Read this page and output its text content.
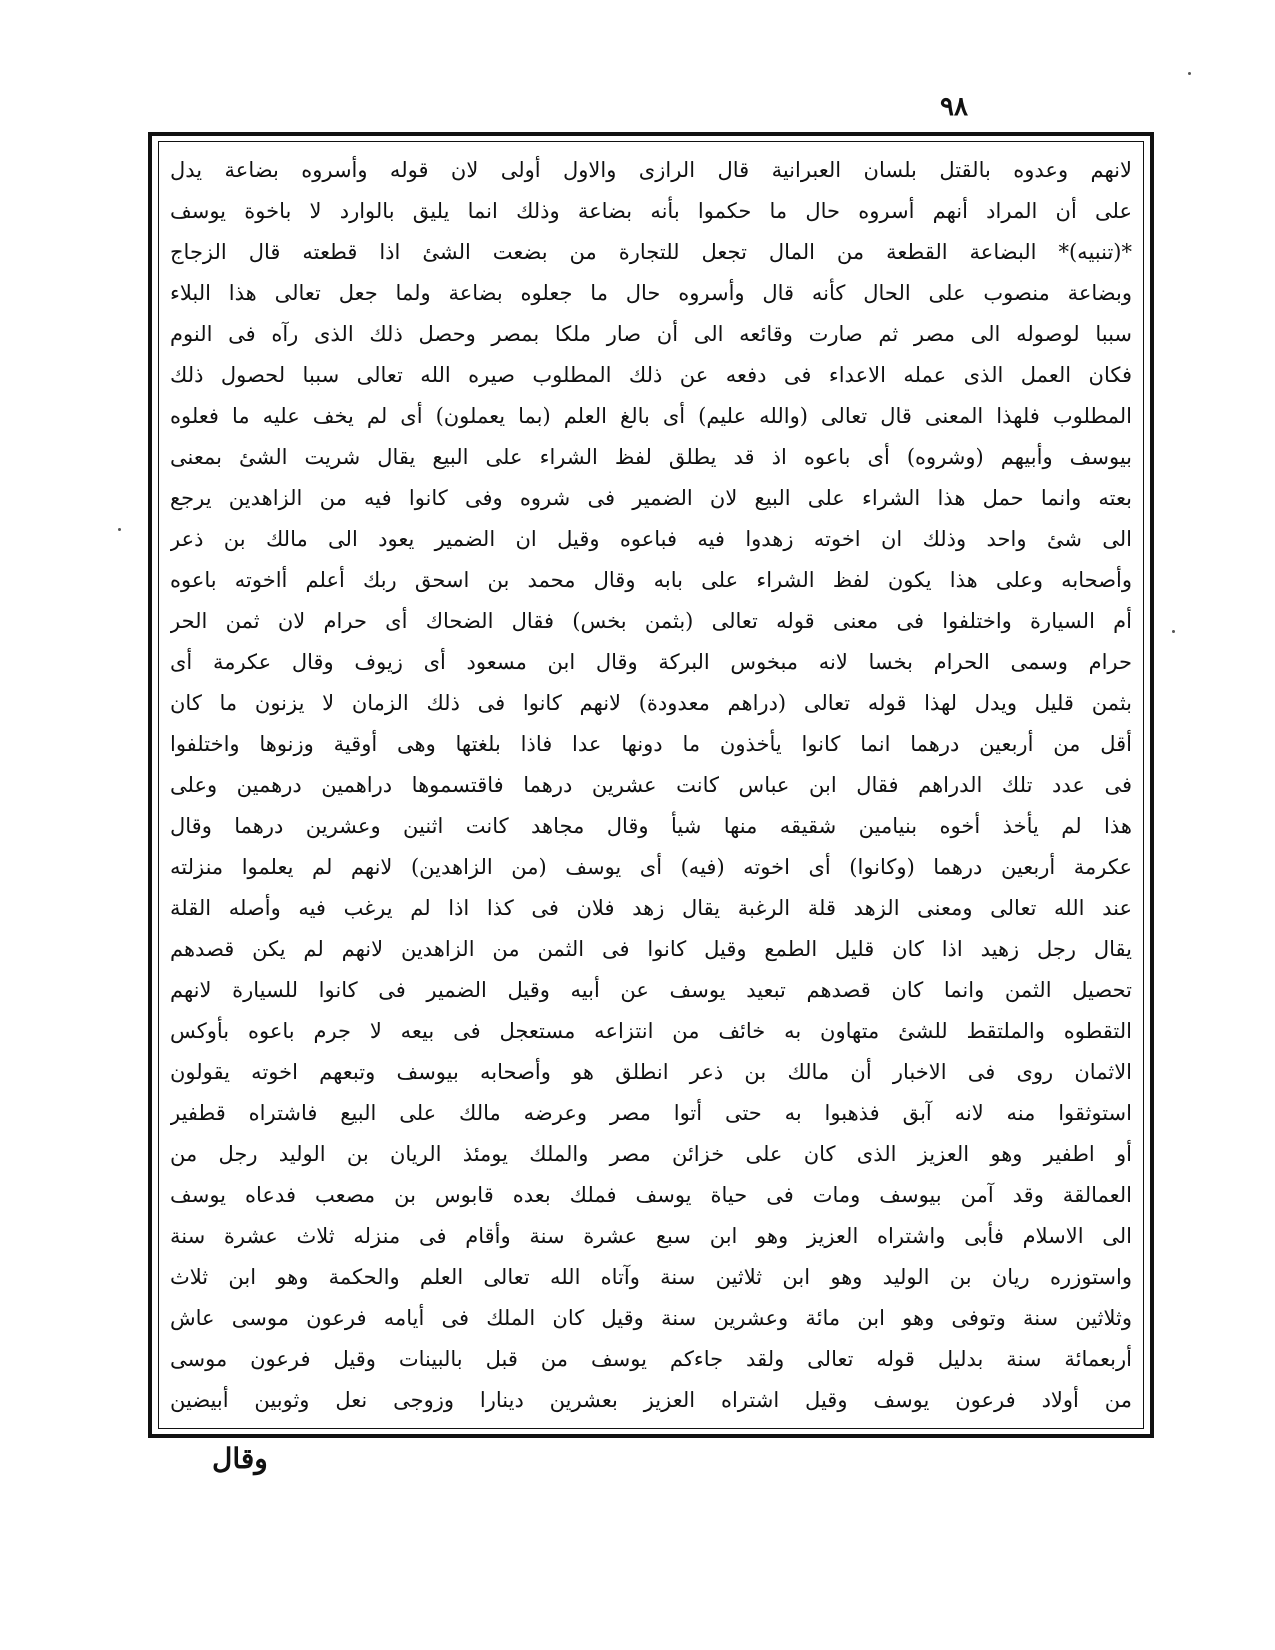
٩٨
لانهم وعدوه بالقتل بلسان العبرانية قال الرازى والاول أولى لان قوله وأسروه بضاعة يدل
على أن المراد أنهم أسروه حال ما حكموا بأنه بضاعة وذلك انما يليق بالوارد لا باخوة يوسف
*(تنبيه)* البضاعة القطعة من المال تجعل للتجارة من بضعت الشئ اذا قطعته قال الزجاج
وبضاعة منصوب على الحال كأنه قال وأسروه حال ما جعلوه بضاعة ولما جعل تعالى هذا البلاء
سببا لوصوله الى مصر ثم صارت وقائعه الى أن صار ملكا بمصر وحصل ذلك الذى رآه فى النوم
فكان العمل الذى عمله الاعداء فى دفعه عن ذلك المطلوب صيره الله تعالى سببا لحصول ذلك
المطلوب فلهذا المعنى قال تعالى (والله عليم) أى بالغ العلم (بما يعملون) أى لم يخف عليه ما فعلوه
بيوسف وأبيهم (وشروه) أى باعوه اذ قد يطلق لفظ الشراء على البيع يقال شريت الشئ بمعنى
بعته وانما حمل هذا الشراء على البيع لان الضمير فى شروه وفى كانوا فيه من الزاهدين يرجع
الى شئ واحد وذلك ان اخوته زهدوا فيه فباعوه وقيل ان الضمير يعود الى مالك بن ذعر
وأصحابه وعلى هذا يكون لفظ الشراء على بابه وقال محمد بن اسحق ربك أعلم أاخوته باعوه
أم السيارة واختلفوا فى معنى قوله تعالى (بثمن بخس) فقال الضحاك أى حرام لان ثمن الحر
حرام وسمى الحرام بخسا لانه مبخوس البركة وقال ابن مسعود أى زيوف وقال عكرمة أى
بثمن قليل ويدل لهذا قوله تعالى (دراهم معدودة) لانهم كانوا فى ذلك الزمان لا يزنون ما كان
أقل من أربعين درهما انما كانوا يأخذون ما دونها عدا فاذا بلغتها وهى أوقية وزنوها واختلفوا
فى عدد تلك الدراهم فقال ابن عباس كانت عشرين درهما فاقتسموها دراهمين درهمين وعلى
هذا لم يأخذ أخوه بنيامين شقيقه منها شيأ وقال مجاهد كانت اثنين وعشرين درهما وقال
عكرمة أربعين درهما (وكانوا) أى اخوته (فيه) أى يوسف (من الزاهدين) لانهم لم يعلموا منزلته
عند الله تعالى ومعنى الزهد قلة الرغبة يقال زهد فلان فى كذا اذا لم يرغب فيه وأصله القلة
يقال رجل زهيد اذا كان قليل الطمع وقيل كانوا فى الثمن من الزاهدين لانهم لم يكن قصدهم
تحصيل الثمن وانما كان قصدهم تبعيد يوسف عن أبيه وقيل الضمير فى كانوا للسيارة لانهم
التقطوه والملتقط للشئ متهاون به خائف من انتزاعه مستعجل فى بيعه لا جرم باعوه بأوكس
الاثمان روى فى الاخبار أن مالك بن ذعر انطلق هو وأصحابه بيوسف وتبعهم اخوته يقولون
استوثقوا منه لانه آبق فذهبوا به حتى أتوا مصر وعرضه مالك على البيع فاشتراه قطفير
أو اطفير وهو العزيز الذى كان على خزائن مصر والملك يومئذ الريان بن الوليد رجل من
العمالقة وقد آمن بيوسف ومات فى حياة يوسف فملك بعده قابوس بن مصعب فدعاه يوسف
الى الاسلام فأبى واشتراه العزيز وهو ابن سبع عشرة سنة وأقام فى منزله ثلاث عشرة سنة
واستوزره ريان بن الوليد وهو ابن ثلاثين سنة وآتاه الله تعالى العلم والحكمة وهو ابن ثلاث
وثلاثين سنة وتوفى وهو ابن مائة وعشرين سنة وقيل كان الملك فى أيامه فرعون موسى عاش
أربعمائة سنة بدليل قوله تعالى ولقد جاءكم يوسف من قبل بالبينات وقيل فرعون موسى
من أولاد فرعون يوسف وقيل اشتراه العزيز بعشرين دينارا وزوجى نعل وثوبين أبيضين
وقال
